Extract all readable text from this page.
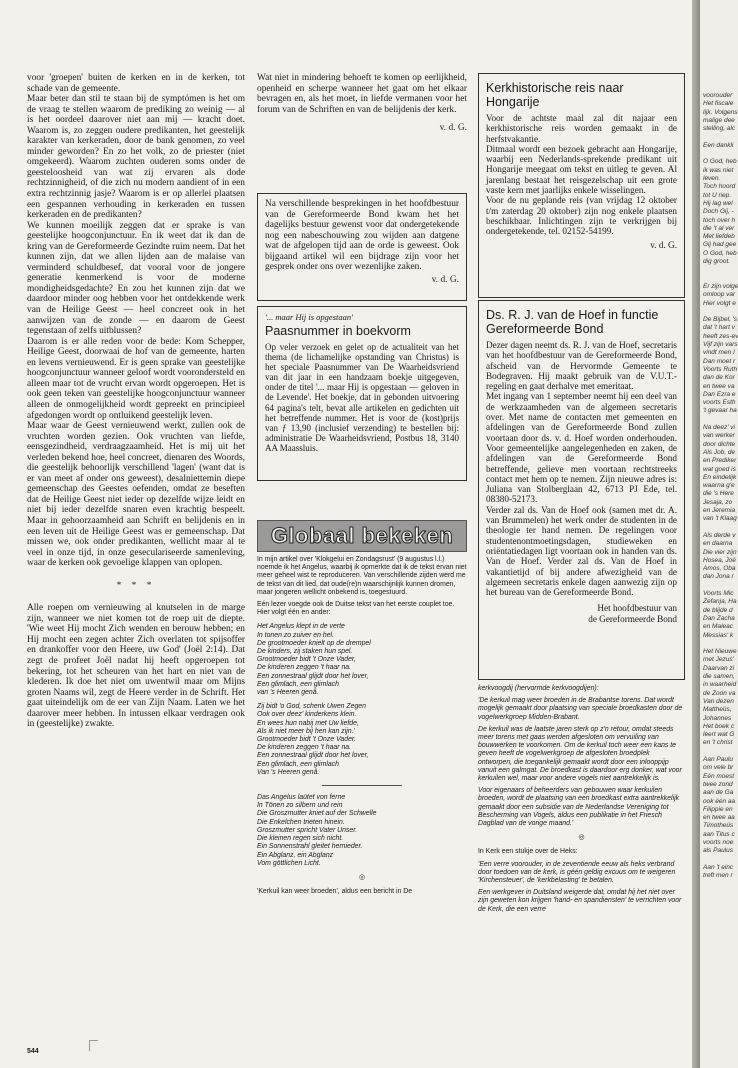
voor 'groepen' buiten de kerken en in de kerken, tot schade van de gemeente.

Maar beter dan stil te staan bij de symptómen is het om de vraag te stellen waarom de prediking zo weinig — al is het oordeel daarover niet aan mij — kracht doet. Waarom is, zo zeggen oudere predikanten, het geestelijk karakter van kerkeraden, door de bank genomen, zo veel minder geworden? En zo het volk, zo de priester (niet omgekeerd). Waarom zuchten ouderen soms onder de geesteloosheid van wat zij ervaren als dode rechtzinnigheid, of die zich nu modern aandient of in een extra rechtzinnig jasje? Waarom is er op allerlei plaatsen een gespannen verhouding in kerkeraden en tussen kerkeraden en de predikanten?

We kunnen moeilijk zeggen dat er sprake is van geestelijke hoogconjunctuur. En ik weet dat ik dan de kring van de Gereformeerde Gezindte ruim neem. Dat het kunnen zijn, dat we allen lijden aan de malaise van verminderd schuldbesef, dat vooral voor de jongere generatie kenmerkend is voor de moderne mondigheidsgedachte? En zou het kunnen zijn dat we daardoor minder oog hebben voor het ontdekkende werk van de Heilige Geest — heel concreet ook in het aanwijzen van de zonde — en daarom de Geest tegenstaan of zelfs uitblussen?

Daarom is er alle reden voor de bede: Kom Schepper, Heilige Geest, doorwaai de hof van de gemeente, harten en levens vernieuwend. Er is geen sprake van geestelijke hoogconjunctuur wanneer geloof wordt voorondersteld en alleen maar tot de vrucht ervan wordt opgeroepen. Het is ook geen teken van geestelijke hoogconjunctuur wanneer alleen de onmogelijkheid wordt gepreekt en principieel afgedongen wordt op ontluikend geestelijk leven.

Maar waar de Geest vernieuwend werkt, zullen ook de vruchten worden gezien. Ook vruchten van liefde, eensgezindheid, verdraagzaamheid. Het is mij uit het verleden bekend hoe, heel concreet, dienaren des Woords, die geestelijk behoorlijk verschillend 'lagen' (want dat is er van meet af onder ons geweest), desalniettemin diepe gemeenschap des Geestes oefenden, omdat ze beseften dat de Heilige Geest niet ieder op dezelfde wijze leidt en niet bij ieder dezelfde snaren even krachtig bespeelt. Maar in gehoorzaamheid aan Schrift en belijdenis en in een leven uit de Heilige Geest was er gemeenschap. Dat missen we, ook onder predikanten, wellicht maar al te veel in onze tijd, in onze geseculariseerde samenleving, waar de kerken ook gevoelige klappen van oplopen.

* * *

Alle roepen om vernieuwing al knutselen in de marge zijn, wanneer we niet komen tot de roep uit de diepte. 'Wie weet Hij mocht Zich wenden en berouw hebben; en Hij mocht een zegen achter Zich overlaten tot spijsoffer en drankoffer voor den Heere, uw God' (Joël 2:14). Dat zegt de profeet Joël nadat hij heeft opgeroepen tot bekering, tot het scheuren van het hart en niet van de klederen. Ik doe het niet om uwentwil maar om Mijns groten Naams wil, zegt de Heere verder in de Schrift. Het gaat uiteindelijk om de eer van Zijn Naam. Laten we het daarover meer hebben. In intussen elkaar verdragen ook in (geestelijke) zwakte.

Wat niet in mindering behoeft te komen op eerlijkheid, openheid en scherpe wanneer het gaat om het elkaar bevragen en, als het moet, in liefde vermanen voor het forum van de Schriften en van de belijdenis der kerk.

v. d. G.

Na verschillende besprekingen in het hoofdbestuur van de Gereformeerde Bond kwam het het dagelijks bestuur gewenst voor dat ondergetekende nog een nabeschouwing zou wijden aan datgene wat de afgelopen tijd aan de orde is geweest. Ook bijgaand artikel wil een bijdrage zijn voor het gesprek onder ons over wezenlijke zaken.

v. d. G.

'... maar Hij is opgestaan'

Paasnummer in boekvorm

Op veler verzoek en gelet op de actualiteit van het thema (de lichamelijke opstanding van Christus) is het speciale Paasnummer van De Waarheidsvriend van dit jaar in een handzaam boekje uitgegeven, onder de titel '... maar Hij is opgestaan — geloven in de Levende'. Het boekje, dat in gebonden uitvoering 64 pagina's telt, bevat alle artikelen en gedichten uit het betreffende nummer. Het is voor de (kost)prijs van ƒ 13,90 (inclusief verzending) te bestellen bij: administratie De Waarheidsvriend, Postbus 18, 3140 AA Maassluis.

Globaal bekeken

In mijn artikel over 'Klokgelui en Zondagsrust' (9 augustus l.l.) noemde ik het Angelus, waarbij ik opmerkte dat ik de tekst ervan niet meer geheel wist te reproduceren. Van verschillende zijden werd me de tekst van dit lied, dat oude(re)n waarschijnlijk kunnen dromen, maar jongeren wellicht onbekend is, toegestuurd.

Eén lezer voegde ook de Duitse tekst van het eerste couplet toe. Hier volgt één en ander:

Het Angelus klept in de verte
In tonen zo zuiver en hel.
De grootmoeder knielt op de drempel
De kinders, zij staken hun spel.
Grootmoeder bidt 't Onze Vader,
De kinderen zeggen 't haar na.
Een zonnestraal glijdt door het lover,
Een glimlach, een glimlach
van 's Heeren genâ.
Zij bidt 'o God, schenk Uwen Zegen
Ook over deez' kinderkens klein.
En wees hun nabij met Uw liefde,
Als ik niet meer bij hen kan zijn.'
Grootmoeder bidt 't Onze Vader.
De kinderen zeggen 't haar na.
Een zonnestraal glijdt door het lover,
Een glimlach, een glimlach
Van 's Heeren genâ.
Das Angelus laütet von ferne
In Tönen zo silbern und rein
Die Groszmutter kniet auf der Schwelle
Die Enkelchen trieten hinein.
Groszmutter spricht Vater Unser.
Die kleinen regen sich nicht.
Ein Sonnenstrahl gleitet hernieder.
Ein Abglanz, ein Abglanz
Vom göttlichen Licht.

◎

'Kerkuil kan weer broeden', aldus een bericht in De

Kerkhistorische reis naar Hongarije

Voor de achtste maal zal dit najaar een kerkhistorische reis worden gemaakt in de herfstvakantie.

Ditmaal wordt een bezoek gebracht aan Hongarije, waarbij een Nederlands-sprekende predikant uit Hongarije meegaat om tekst en uitleg te geven. Al jarenlang bestaat het reisgezelschap uit een grote vaste kern met jaarlijks enkele wisselingen.

Voor de nu geplande reis (van vrijdag 12 oktober t/m zaterdag 20 oktober) zijn nog enkele plaatsen beschikbaar. Inlichtingen zijn te verkrijgen bij ondergetekende, tel. 02152-54199.

v. d. G.

Ds. R. J. van de Hoef in functie Gereformeerde Bond

Dezer dagen neemt ds. R. J. van de Hoef, secretaris van het hoofdbestuur van de Gereformeerde Bond, afscheid van de Hervormde Gemeente te Bodegraven. Hij maakt gebruik van de V.U.T.-regeling en gaat derhalve met emeritaat.

Met ingang van 1 september neemt hij een deel van de werkzaamheden van de algemeen secretaris over. Met name de contacten met gemeenten en afdelingen van de Gereformeerde Bond zullen voortaan door ds. v. d. Hoef worden onderhouden. Voor gemeentelijke aangelegenheden en zaken, de afdelingen van de Gereformeerde Bond betreffende, gelieve men voortaan rechtstreeks contact met hem op te nemen. Zijn nieuwe adres is: Juliana van Stolberglaan 42, 6713 PJ Ede, tel. 08380-52173.

Verder zal ds. Van de Hoef ook (samen met dr. A. van Brummelen) het werk onder de studenten in de theologie ter hand nemen. De regelingen voor studentenontmoetingsdagen, studieweken en oriëntatiedagen ligt voortaan ook in handen van ds. Van de Hoef. Verder zal ds. Van de Hoef in vakantietijd of bij andere afwezigheid van de algemeen secretaris enkele dagen aanwezig zijn op het bureau van de Gereformeerde Bond.

Het hoofdbestuur van

de Gereformeerde Bond

kerkvoogdij (hervormde kerkvoogdijen):

'De kerkuil mag weer broeden in de Brabantse torens. Dat wordt mogelijk gemaakt door plaatsing van speciale broedkasten door de vogelwerkgroep Midden-Brabant.

De kerkuil was de laatste jaren sterk op z'n retour, omdat steeds meer torens met gaas werden afgesloten om vervuiling van bouwwerken te voorkomen. Om de kerkuil toch weer een kans te geven heeft de vogelwerkgroep de afgesloten broedplek ontworpen, die toegankelijk gemaakt wordt door een inlooppijp vanuit een galmgat. De broedkast is daardoor erg donker, wat voor kerkuilen wel, maar voor andere vogels niet aantrekkelijk is.

Voor eigenaars of beheerders van gebouwen waar kerkuilen broeden, wordt de plaatsing van een broedkast extra aantrekkelijk gemaakt door een subsidie van de Nederlandse Vereniging tot Bescherming van Vogels, aldus een publikatie in het Friesch Dagblad van de vorige maand.'

◎

In Kerk een stukje over de Heks:

'Een verre voorouder, in de zeventiende eeuw als heks verbrand door toedoen van de kerk, is géén geldig excuus om te weigeren 'Kirchensteuer', de 'kerkbelasting' te betalen.

Een werkgever in Duitsland weigerde dat, omdat hij het niet over zijn geweten kon krijgen 'hand- en spandiensten' te verrichten voor de Kerk, die een verre

544
voorouder
Het fiscale
lijk. Volgens
malige dee
stelling, alc
Een dankli
O God, heb
ik was niet
leven.
Toch hoord
tot U riep.
Hij lag wel
Doch Gij, -
toch over h
die 't al ver
Met liefdeb
Gij had gee
O God, heb
dig groot.
Er zijn volge
omloop var
Hier volgt e
De Bijbel, 's
dat 't hart v
heeft zes-ev
Vijf zijn vars
vindt men I
Dan moet r
Voorts Ruth
dan de Kor
en twee va
Dan Ezra e
voorts Esth
't gevaar ha
Na deez' vi
van werker
door dichte
Als Job, de
en Prediker
wat goed is
En eindelijk
waarna g'e
die 's Here
Jesaja, zo
en Jeremia
van 't Klaag
Als derde v
en daarna
Die vier zijn
Hosea, Joë
Amos, Oba
dan Jona r
Voorts Mic
Zefanja, Ha
de blijde d
Dan Zacha
en Maleac
Messias' k
Het Nieuwe
met Jezus'
Daarvan zi
die samen,
in waarheid
de Zoon va
Van dezen
Mattheüs,
Johannes
Het boek c
leert wat G
en 't christ
Aan Paulu
om vele br
Eén moest
twee zond
aan de Ga
ook één aa
Filippie en
en twee aa
Timotheüs
aan Titus c
voorts noe
als Paulus
Aan 't einc
treft men r
